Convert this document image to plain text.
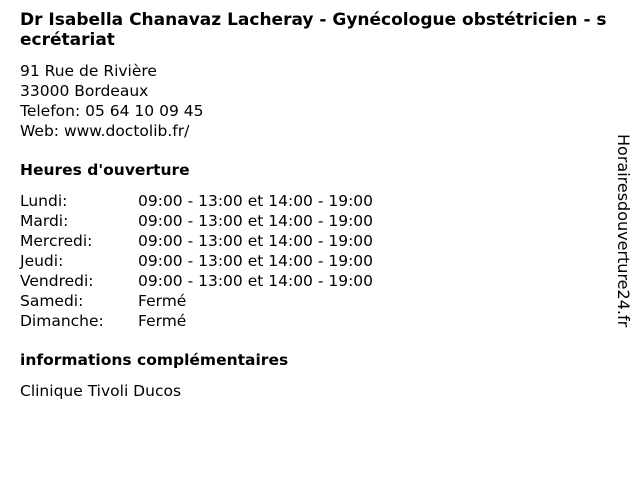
Dr Isabella Chanavaz Lacheray - Gynécologue obstétricien - secrétariat
91 Rue de Rivière
33000 Bordeaux
Telefon: 05 64 10 09 45
Web: www.doctolib.fr/
Heures d'ouverture
Lundi:	09:00 - 13:00 et 14:00 - 19:00
Mardi:	09:00 - 13:00 et 14:00 - 19:00
Mercredi:	09:00 - 13:00 et 14:00 - 19:00
Jeudi:	09:00 - 13:00 et 14:00 - 19:00
Vendredi:	09:00 - 13:00 et 14:00 - 19:00
Samedi:	Fermé
Dimanche:	Fermé
informations complémentaires
Clinique Tivoli Ducos
Horairesdouverture24.fr
